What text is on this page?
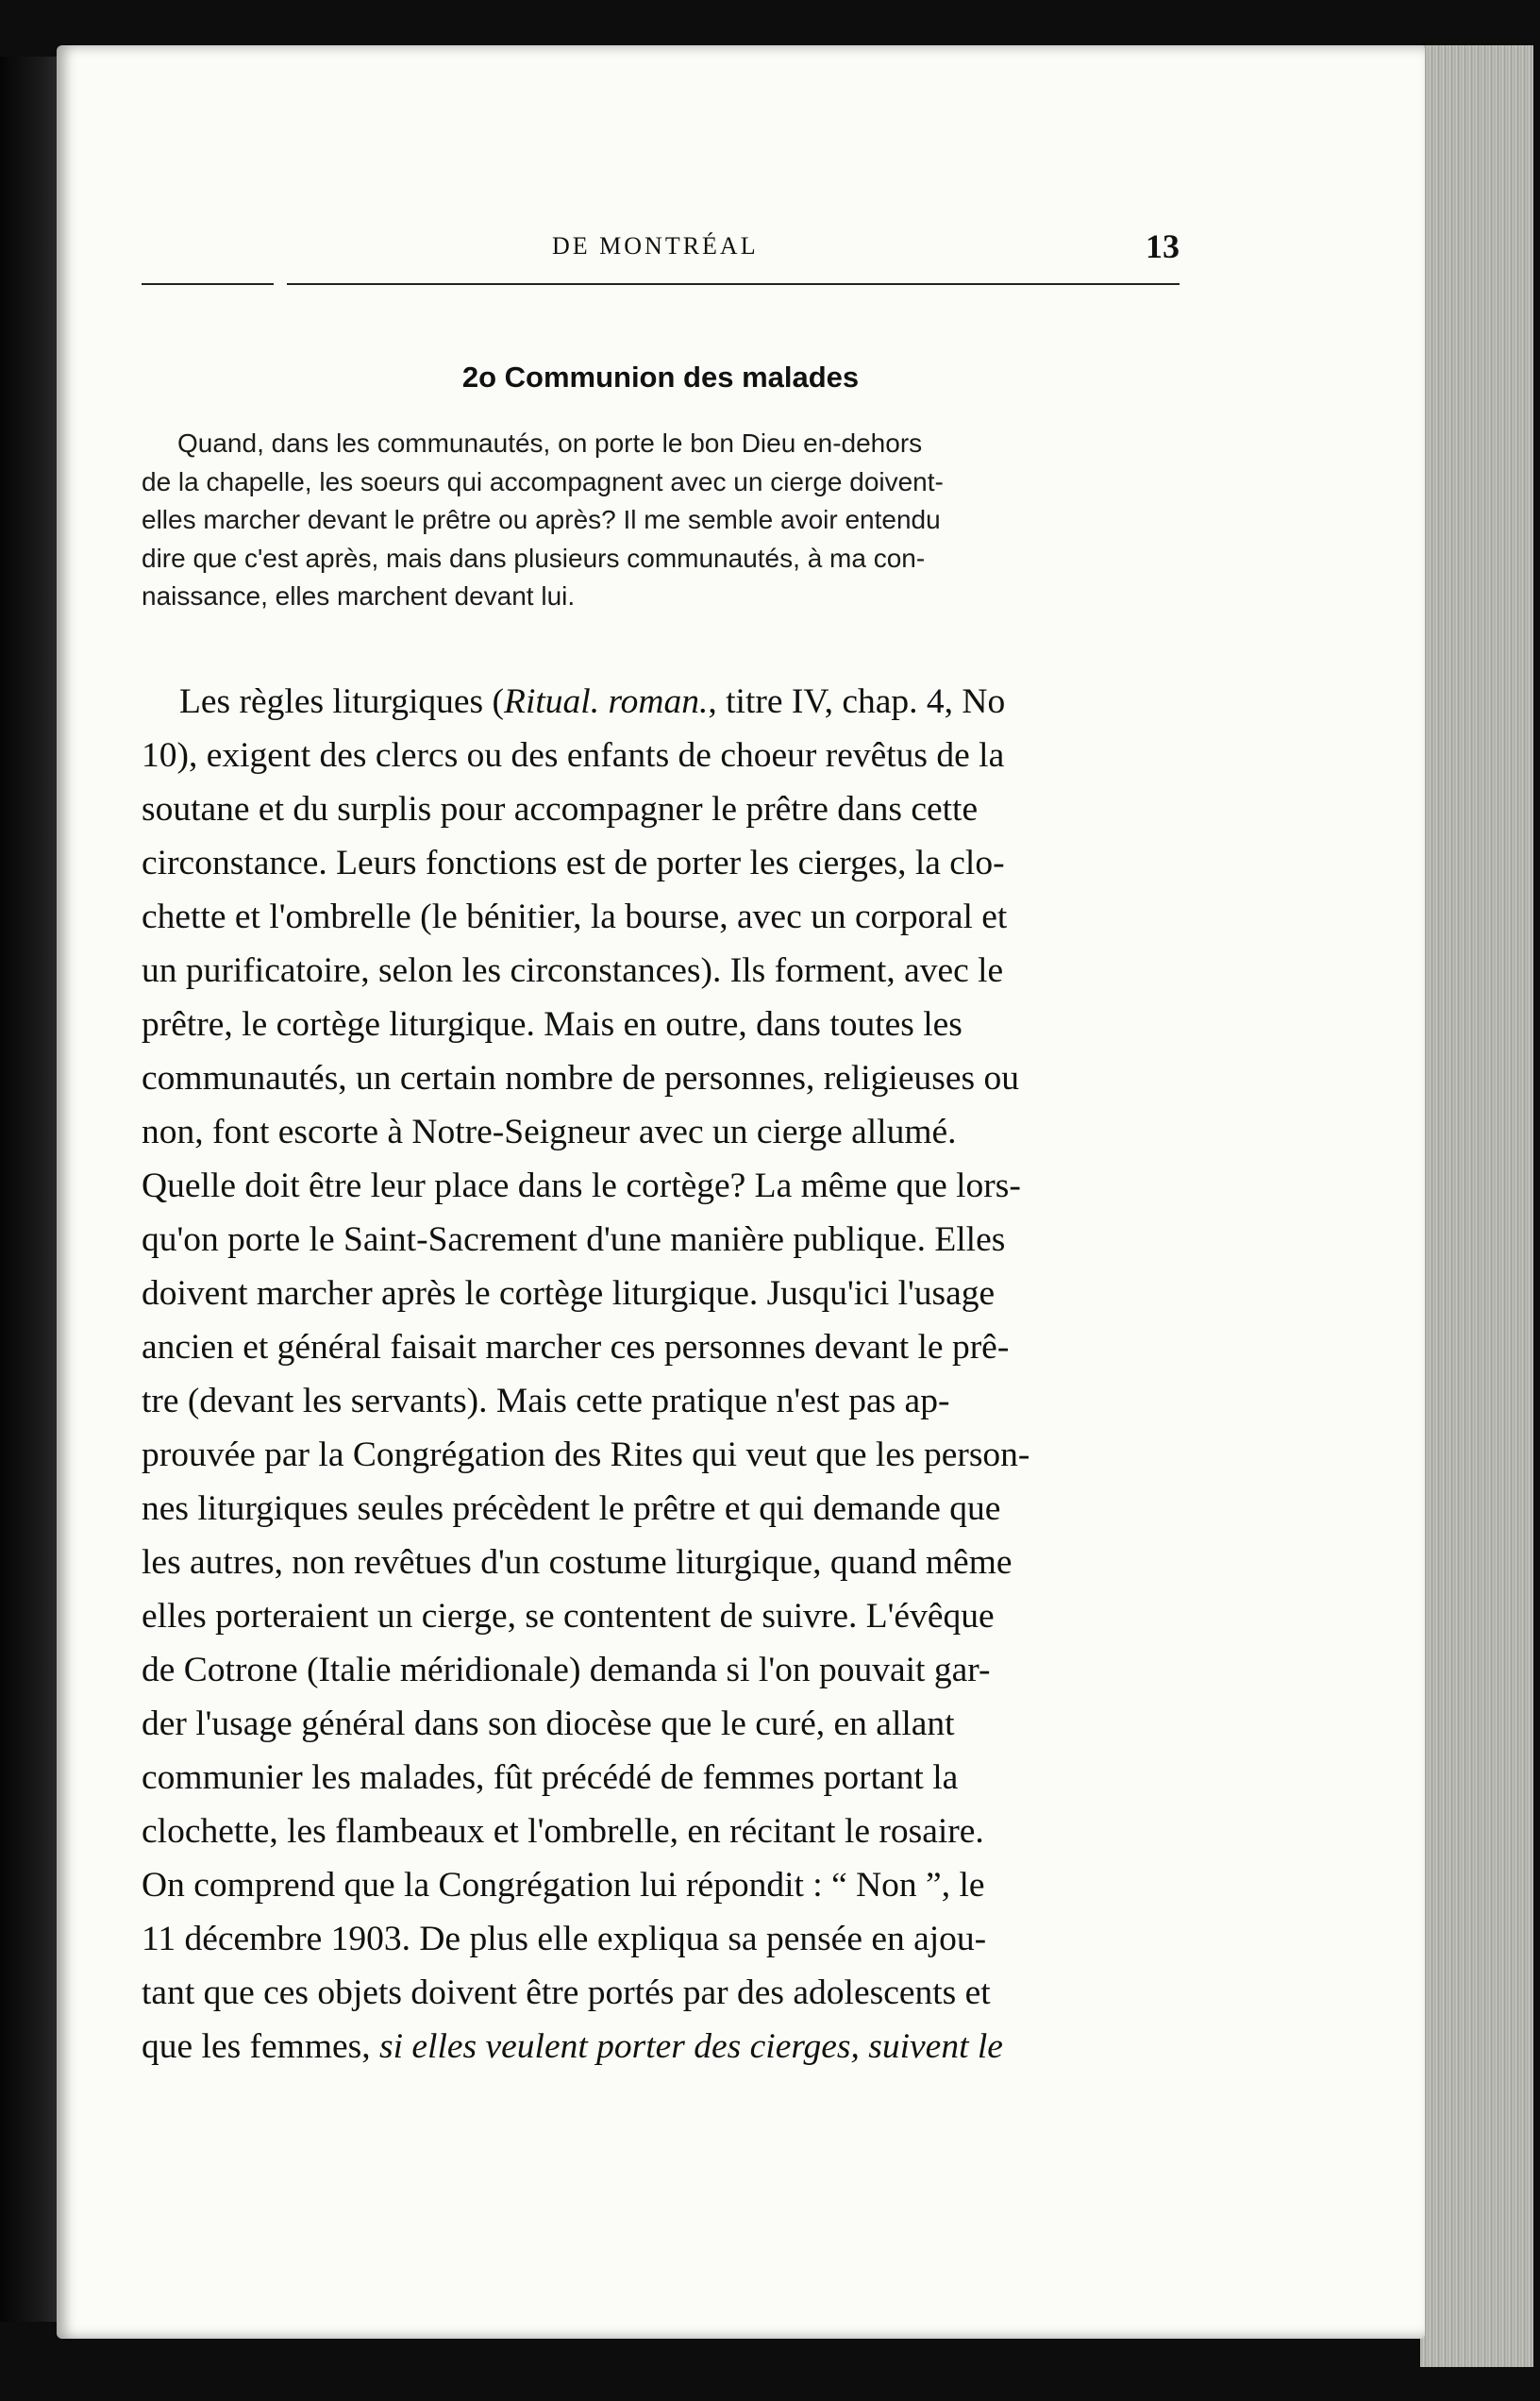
DE MONTRÉAL	13
2o Communion des malades
Quand, dans les communautés, on porte le bon Dieu en-dehors
de la chapelle, les soeurs qui accompagnent avec un cierge doivent-
elles marcher devant le prêtre ou après? Il me semble avoir entendu
dire que c'est après, mais dans plusieurs communautés, à ma con-
naissance, elles marchent devant lui.
Les règles liturgiques (Ritual. roman., titre IV, chap. 4, No
10), exigent des clercs ou des enfants de choeur revêtus de la
soutane et du surplis pour accompagner le prêtre dans cette
circonstance. Leurs fonctions est de porter les cierges, la clo-
chette et l'ombrelle (le bénitier, la bourse, avec un corporal et
un purificatoire, selon les circonstances). Ils forment, avec le
prêtre, le cortège liturgique. Mais en outre, dans toutes les
communautés, un certain nombre de personnes, religieuses ou
non, font escorte à Notre-Seigneur avec un cierge allumé.
Quelle doit être leur place dans le cortège? La même que lors-
qu'on porte le Saint-Sacrement d'une manière publique. Elles
doivent marcher après le cortège liturgique. Jusqu'ici l'usage
ancien et général faisait marcher ces personnes devant le prê-
tre (devant les servants). Mais cette pratique n'est pas ap-
prouvée par la Congrégation des Rites qui veut que les person-
nes liturgiques seules précèdent le prêtre et qui demande que
les autres, non revêtues d'un costume liturgique, quand même
elles porteraient un cierge, se contentent de suivre. L'évêque
de Cotrone (Italie méridionale) demanda si l'on pouvait gar-
der l'usage général dans son diocèse que le curé, en allant
communier les malades, fût précédé de femmes portant la
clochette, les flambeaux et l'ombrelle, en récitant le rosaire.
On comprend que la Congrégation lui répondit : “ Non ”, le
11 décembre 1903. De plus elle expliqua sa pensée en ajou-
tant que ces objets doivent être portés par des adolescents et
que les femmes, si elles veulent porter des cierges, suivent le
